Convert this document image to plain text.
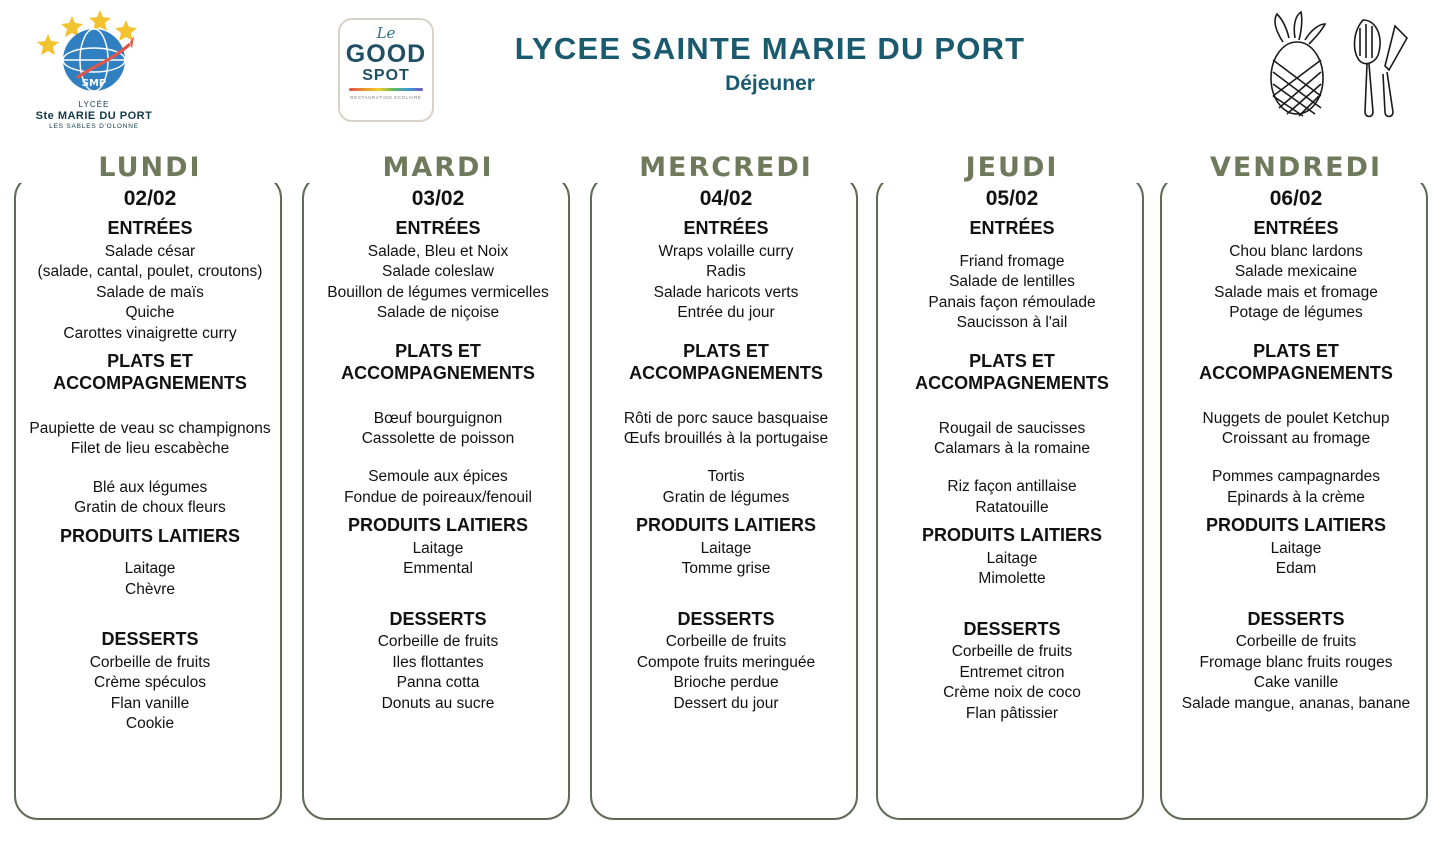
SMP
LYCÉE
Ste MARIE DU PORT
LES SABLES D'OLONNE
Le
GOOD
SPOT
RESTAURATION SCOLAIRE
LYCEE SAINTE MARIE DU PORT
Déjeuner
LUNDI
02/02
ENTRÉES
Salade césar
(salade, cantal, poulet, croutons)
Salade de maïs
Quiche
Carottes vinaigrette curry
PLATS ET
ACCOMPAGNEMENTS
Paupiette de veau sc champignons
Filet de lieu escabèche
Blé aux légumes
Gratin de choux fleurs
PRODUITS LAITIERS
Laitage
Chèvre
DESSERTS
Corbeille de fruits
Crème spéculos
Flan vanille
Cookie
MARDI
03/02
ENTRÉES
Salade, Bleu et Noix
Salade coleslaw
Bouillon de légumes vermicelles
Salade de niçoise
PLATS ET
ACCOMPAGNEMENTS
Bœuf bourguignon
Cassolette de poisson
Semoule aux épices
Fondue de poireaux/fenouil
PRODUITS LAITIERS
Laitage
Emmental
DESSERTS
Corbeille de fruits
Iles flottantes
Panna cotta
Donuts au sucre
MERCREDI
04/02
ENTRÉES
Wraps volaille curry
Radis
Salade haricots verts
Entrée du jour
PLATS ET
ACCOMPAGNEMENTS
Rôti de porc sauce basquaise
Œufs brouillés à la portugaise
Tortis
Gratin de légumes
PRODUITS LAITIERS
Laitage
Tomme grise
DESSERTS
Corbeille de fruits
Compote fruits meringuée
Brioche perdue
Dessert du jour
JEUDI
05/02
ENTRÉES
Friand fromage
Salade de lentilles
Panais façon rémoulade
Saucisson à l'ail
PLATS ET
ACCOMPAGNEMENTS
Rougail de saucisses
Calamars à la romaine
Riz façon antillaise
Ratatouille
PRODUITS LAITIERS
Laitage
Mimolette
DESSERTS
Corbeille de fruits
Entremet citron
Crème noix de coco
Flan pâtissier
VENDREDI
06/02
ENTRÉES
Chou blanc lardons
Salade mexicaine
Salade mais et fromage
Potage de légumes
PLATS ET
ACCOMPAGNEMENTS
Nuggets de poulet Ketchup
Croissant au fromage
Pommes campagnardes
Epinards à la crème
PRODUITS LAITIERS
Laitage
Edam
DESSERTS
Corbeille de fruits
Fromage blanc fruits rouges
Cake vanille
Salade mangue, ananas, banane
